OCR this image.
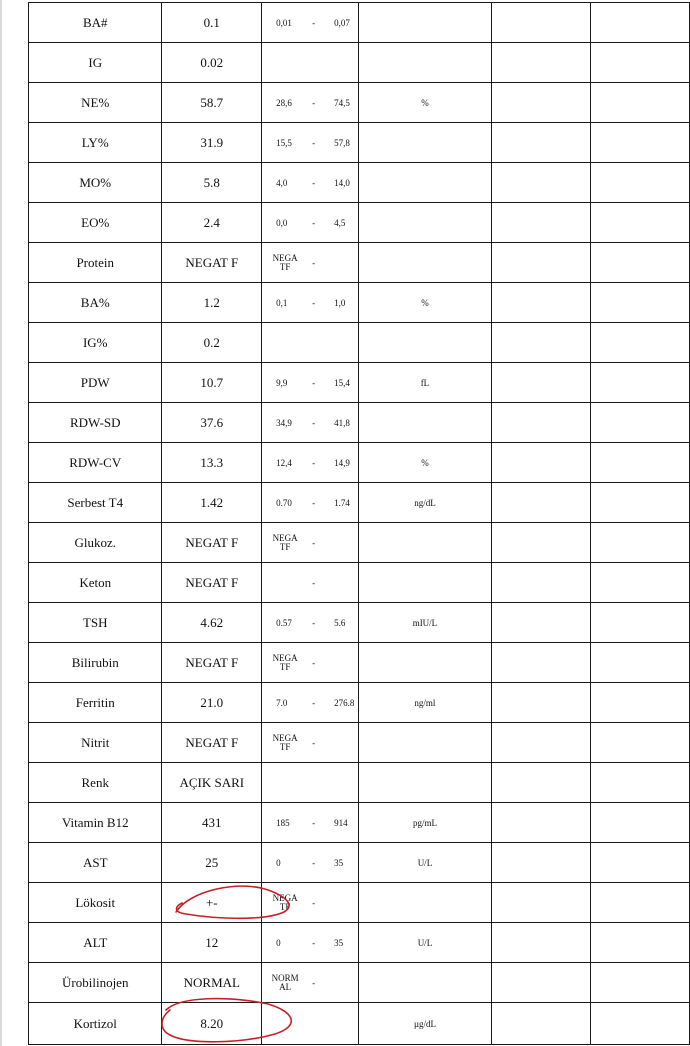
BA#	0.1	0,01 - 0,07			

IG	0.02	

NE%	58.7	28,6 - 74,5	%		
LY%	31.9	15,5 - 57,8			

MO%	5.8	4,0 - 14,0			

EO%	2.4	0,0 - 4,5			

Protein	NEGAT F	NEGA TF -			

BA%	1.2	0,1 - 1,0	%		
IG%	0.2	

PDW	10.7	9,9 - 15,4	fL		
RDW-SD	37.6	34,9 - 41,8			

RDW-CV	13.3	12,4 - 14,9	%		
Serbest T4	1.42	0.70 - 1.74	ng/dL		
Glukoz.	NEGAT F	NEGA TF -			

Keton	NEGAT F	-			

TSH	4.62	0.57 - 5.6	mIU/L		
Bilirubin	NEGAT F	NEGA TF -			

Ferritin	21.0	7.0 - 276.8	ng/ml		
Nitrit	NEGAT F	NEGA TF -			

Renk	AÇIK SARI	

Vitamin B12	431	185 - 914	pg/mL		
AST	25	0 - 35	U/L		
Lökosit	+-	NEGA TF -			

ALT	12	0 - 35	U/L		
Ürobilinojen	NORMAL	NORM AL -			

Kortizol	8.20		µg/dL		
